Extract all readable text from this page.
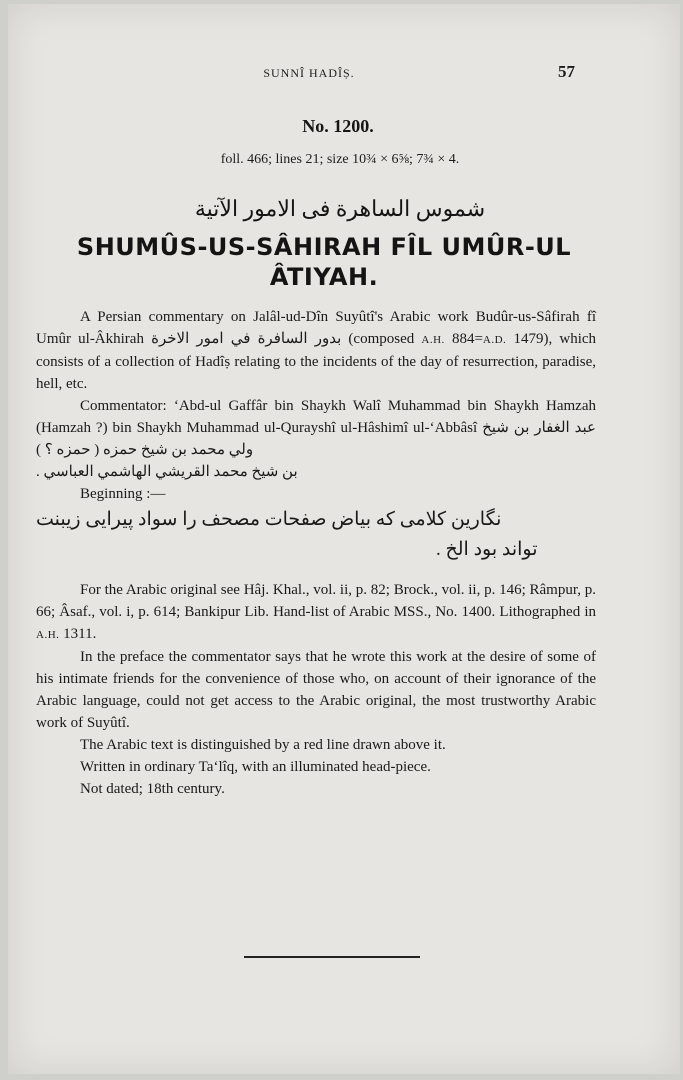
SUNNÎ HADÎṢ.	57
No. 1200.
foll. 466; lines 21; size 10¾ × 6⅝; 7¾ × 4.
شموس الساهرة فی الامور الآتیة
SHUMÛS-US-SÂHIRAH FÎL UMÛR-UL ÂTIYAH.

A Persian commentary on Jalâl-ud-Dîn Suyûtî's Arabic work Budûr-us-Sâfirah fî Umûr ul-Âkhirah بدور السافرة في امور الاخرة (composed A.H. 884=A.D. 1479), which consists of a collection of Hadîṣ relating to the incidents of the day of resurrection, paradise, hell, etc.

Commentator: ‘Abd-ul Gaffâr bin Shaykh Walî Muhammad bin Shaykh Hamzah (Hamzah ?) bin Shaykh Muhammad ul-Qurayshî ul-Hâshimî ul-‘Abbâsî عبد الغفار بن شیخ ولي محمد بن شیخ حمزه ( حمزه ؟ )
بن شیخ محمد القریشي الهاشمي العباسي .

Beginning :—

نگارین کلامی که بیاض صفحات مصحف را سواد پیرایی زیبنت
تواند بود الخ .

For the Arabic original see Hâj. Khal., vol. ii, p. 82; Brock., vol. ii, p. 146; Râmpur, p. 66; Âsaf., vol. i, p. 614; Bankipur Lib. Hand-list of Arabic MSS., No. 1400. Lithographed in A.H. 1311.

In the preface the commentator says that he wrote this work at the desire of some of his intimate friends for the convenience of those who, on account of their ignorance of the Arabic language, could not get access to the Arabic original, the most trustworthy Arabic work of Suyûtî.

The Arabic text is distinguished by a red line drawn above it.

Written in ordinary Ta‘lîq, with an illuminated head-piece.

Not dated; 18th century.
